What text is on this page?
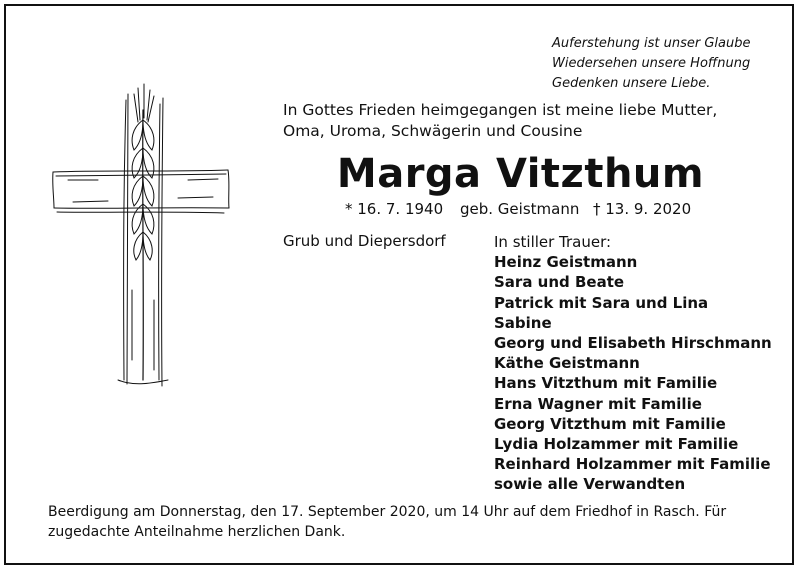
Auferstehung ist unser Glaube
Wiedersehen unsere Hoffnung
Gedenken unsere Liebe.
In Gottes Frieden heimgegangen ist meine liebe Mutter, Oma, Uroma, Schwägerin und Cousine
Marga Vitzthum
* 16. 7. 1940 geb. Geistmann † 13. 9. 2020
Grub und Diepersdorf	In stiller Trauer:
Heinz Geistmann
Sara und Beate
Patrick mit Sara und Lina
Sabine
Georg und Elisabeth Hirschmann
Käthe Geistmann
Hans Vitzthum mit Familie
Erna Wagner mit Familie
Georg Vitzthum mit Familie
Lydia Holzammer mit Familie
Reinhard Holzammer mit Familie
sowie alle Verwandten
Beerdigung am Donnerstag, den 17. September 2020, um 14 Uhr auf dem Friedhof in Rasch. Für zugedachte Anteilnahme herzlichen Dank.
